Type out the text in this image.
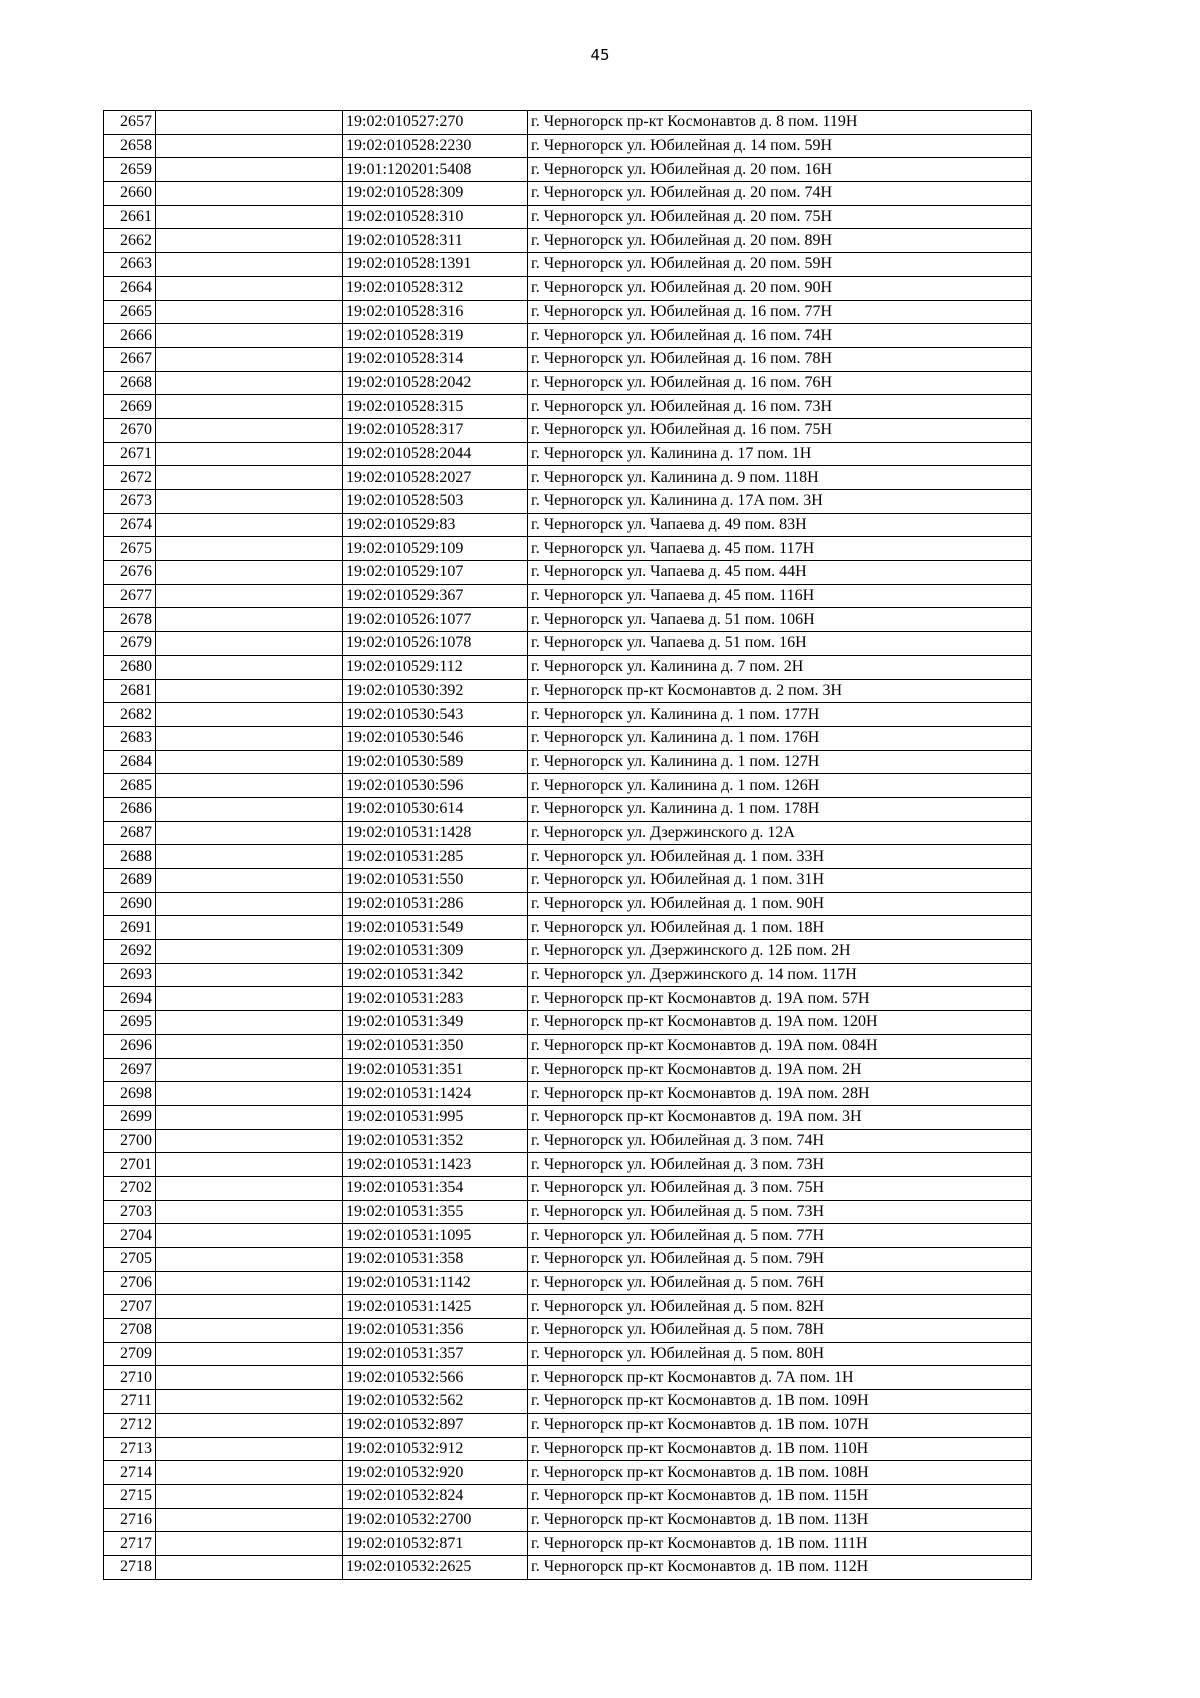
45
2657		19:02:010527:270	г. Черногорск пр-кт Космонавтов д. 8 пом. 119Н
2658		19:02:010528:2230	г. Черногорск ул. Юбилейная д. 14 пом. 59Н
2659		19:01:120201:5408	г. Черногорск ул. Юбилейная д. 20 пом. 16Н
2660		19:02:010528:309	г. Черногорск ул. Юбилейная д. 20 пом. 74Н
2661		19:02:010528:310	г. Черногорск ул. Юбилейная д. 20 пом. 75Н
2662		19:02:010528:311	г. Черногорск ул. Юбилейная д. 20 пом. 89Н
2663		19:02:010528:1391	г. Черногорск ул. Юбилейная д. 20 пом. 59Н
2664		19:02:010528:312	г. Черногорск ул. Юбилейная д. 20 пом. 90Н
2665		19:02:010528:316	г. Черногорск ул. Юбилейная д. 16 пом. 77Н
2666		19:02:010528:319	г. Черногорск ул. Юбилейная д. 16 пом. 74Н
2667		19:02:010528:314	г. Черногорск ул. Юбилейная д. 16 пом. 78Н
2668		19:02:010528:2042	г. Черногорск ул. Юбилейная д. 16 пом. 76Н
2669		19:02:010528:315	г. Черногорск ул. Юбилейная д. 16 пом. 73Н
2670		19:02:010528:317	г. Черногорск ул. Юбилейная д. 16 пом. 75Н
2671		19:02:010528:2044	г. Черногорск ул. Калинина д. 17 пом. 1Н
2672		19:02:010528:2027	г. Черногорск ул. Калинина д. 9 пом. 118Н
2673		19:02:010528:503	г. Черногорск ул. Калинина д. 17А пом. 3Н
2674		19:02:010529:83	г. Черногорск ул. Чапаева д. 49 пом. 83Н
2675		19:02:010529:109	г. Черногорск ул. Чапаева д. 45 пом. 117Н
2676		19:02:010529:107	г. Черногорск ул. Чапаева д. 45 пом. 44Н
2677		19:02:010529:367	г. Черногорск ул. Чапаева д. 45 пом. 116Н
2678		19:02:010526:1077	г. Черногорск ул. Чапаева д. 51 пом. 106Н
2679		19:02:010526:1078	г. Черногорск ул. Чапаева д. 51 пом. 16Н
2680		19:02:010529:112	г. Черногорск ул. Калинина д. 7 пом. 2Н
2681		19:02:010530:392	г. Черногорск пр-кт Космонавтов д. 2 пом. 3Н
2682		19:02:010530:543	г. Черногорск ул. Калинина д. 1 пом. 177Н
2683		19:02:010530:546	г. Черногорск ул. Калинина д. 1 пом. 176Н
2684		19:02:010530:589	г. Черногорск ул. Калинина д. 1 пом. 127Н
2685		19:02:010530:596	г. Черногорск ул. Калинина д. 1 пом. 126Н
2686		19:02:010530:614	г. Черногорск ул. Калинина д. 1 пом. 178Н
2687		19:02:010531:1428	г. Черногорск ул. Дзержинского д. 12А
2688		19:02:010531:285	г. Черногорск ул. Юбилейная д. 1 пом. 33Н
2689		19:02:010531:550	г. Черногорск ул. Юбилейная д. 1 пом. 31Н
2690		19:02:010531:286	г. Черногорск ул. Юбилейная д. 1 пом. 90Н
2691		19:02:010531:549	г. Черногорск ул. Юбилейная д. 1 пом. 18Н
2692		19:02:010531:309	г. Черногорск ул. Дзержинского д. 12Б пом. 2Н
2693		19:02:010531:342	г. Черногорск ул. Дзержинского д. 14 пом. 117Н
2694		19:02:010531:283	г. Черногорск пр-кт Космонавтов д. 19А пом. 57Н
2695		19:02:010531:349	г. Черногорск пр-кт Космонавтов д. 19А пом. 120Н
2696		19:02:010531:350	г. Черногорск пр-кт Космонавтов д. 19А пом. 084Н
2697		19:02:010531:351	г. Черногорск пр-кт Космонавтов д. 19А пом. 2Н
2698		19:02:010531:1424	г. Черногорск пр-кт Космонавтов д. 19А пом. 28Н
2699		19:02:010531:995	г. Черногорск пр-кт Космонавтов д. 19А пом. 3Н
2700		19:02:010531:352	г. Черногорск ул. Юбилейная д. 3 пом. 74Н
2701		19:02:010531:1423	г. Черногорск ул. Юбилейная д. 3 пом. 73Н
2702		19:02:010531:354	г. Черногорск ул. Юбилейная д. 3 пом. 75Н
2703		19:02:010531:355	г. Черногорск ул. Юбилейная д. 5 пом. 73Н
2704		19:02:010531:1095	г. Черногорск ул. Юбилейная д. 5 пом. 77Н
2705		19:02:010531:358	г. Черногорск ул. Юбилейная д. 5 пом. 79Н
2706		19:02:010531:1142	г. Черногорск ул. Юбилейная д. 5 пом. 76Н
2707		19:02:010531:1425	г. Черногорск ул. Юбилейная д. 5 пом. 82Н
2708		19:02:010531:356	г. Черногорск ул. Юбилейная д. 5 пом. 78Н
2709		19:02:010531:357	г. Черногорск ул. Юбилейная д. 5 пом. 80Н
2710		19:02:010532:566	г. Черногорск пр-кт Космонавтов д. 7А пом. 1Н
2711		19:02:010532:562	г. Черногорск пр-кт Космонавтов д. 1В пом. 109Н
2712		19:02:010532:897	г. Черногорск пр-кт Космонавтов д. 1В пом. 107Н
2713		19:02:010532:912	г. Черногорск пр-кт Космонавтов д. 1В пом. 110Н
2714		19:02:010532:920	г. Черногорск пр-кт Космонавтов д. 1В пом. 108Н
2715		19:02:010532:824	г. Черногорск пр-кт Космонавтов д. 1В пом. 115Н
2716		19:02:010532:2700	г. Черногорск пр-кт Космонавтов д. 1В пом. 113Н
2717		19:02:010532:871	г. Черногорск пр-кт Космонавтов д. 1В пом. 111Н
2718		19:02:010532:2625	г. Черногорск пр-кт Космонавтов д. 1В пом. 112Н
